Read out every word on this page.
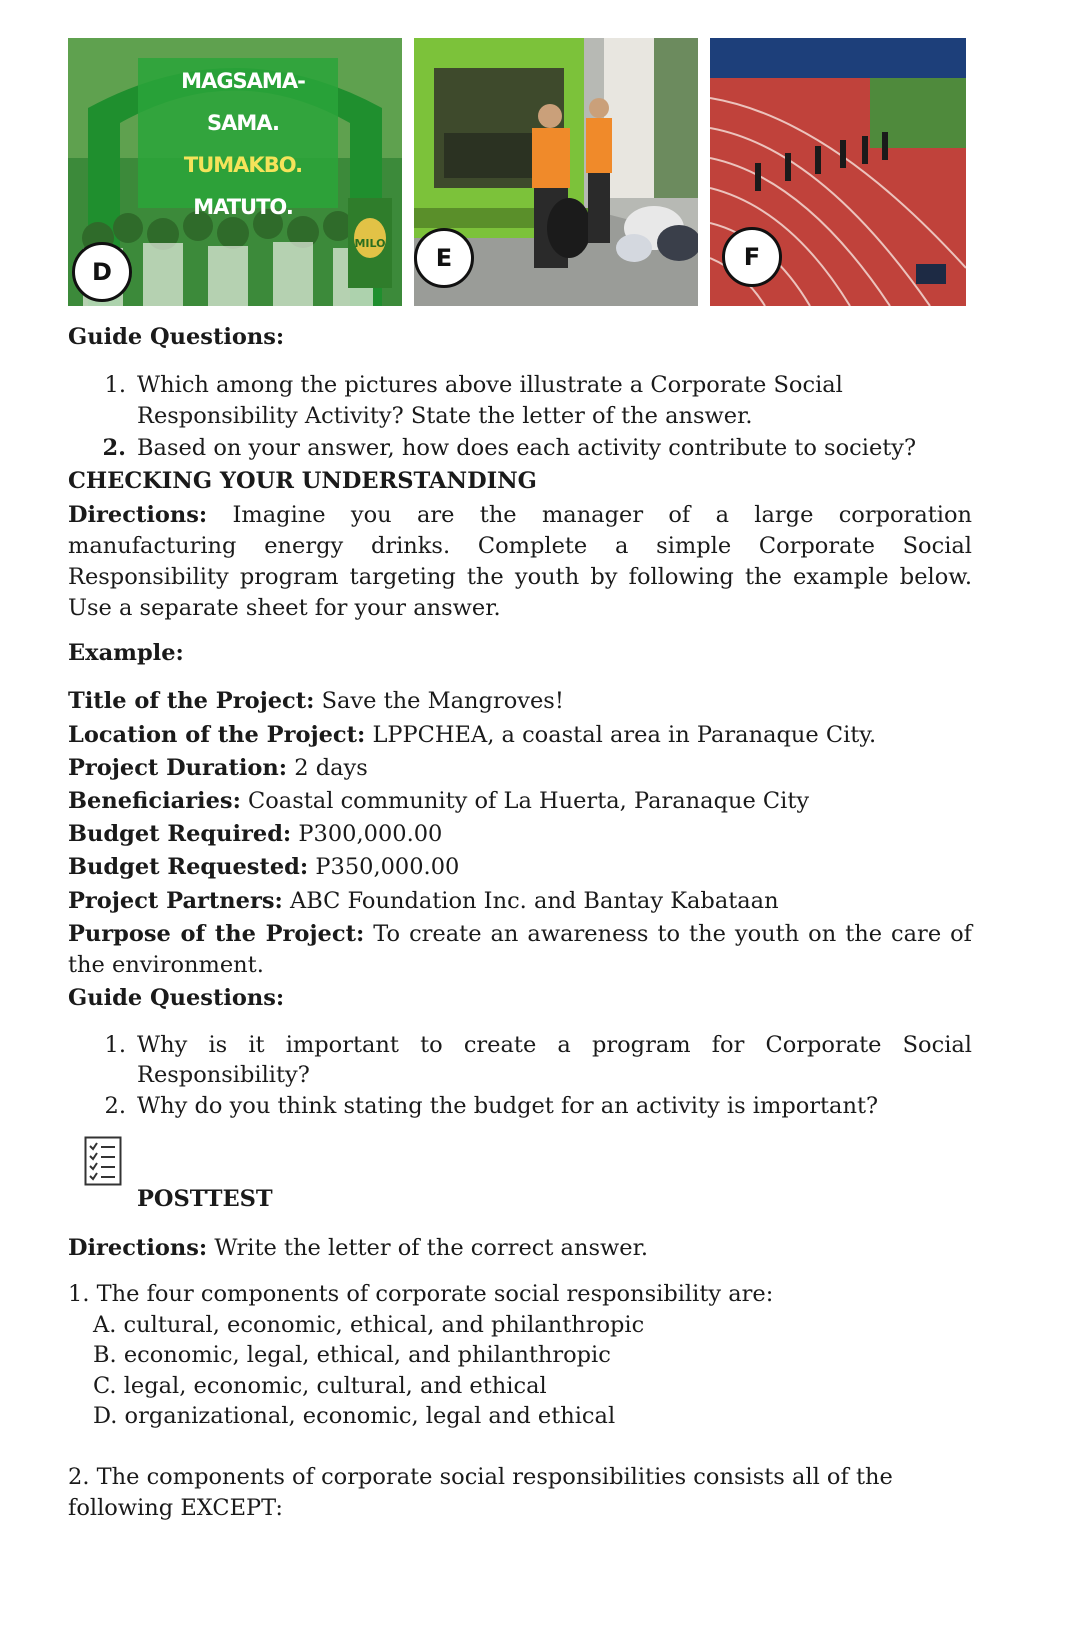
MAGSAMA-SAMA.
TUMAKBO.
MATUTO.
MILO
D	E	F
Guide Questions:
1. Which among the pictures above illustrate a Corporate Social
Responsibility Activity? State the letter of the answer.
2. Based on your answer, how does each activity contribute to society?
CHECKING YOUR UNDERSTANDING
Directions: Imagine you are the manager of a large corporation manufacturing energy drinks. Complete a simple Corporate Social Responsibility program targeting the youth by following the example below. Use a separate sheet for your answer.
Example:
Title of the Project: Save the Mangroves!
Location of the Project: LPPCHEA, a coastal area in Paranaque City.
Project Duration: 2 days
Beneficiaries: Coastal community of La Huerta, Paranaque City
Budget Required: P300,000.00
Budget Requested: P350,000.00
Project Partners: ABC Foundation Inc. and Bantay Kabataan
Purpose of the Project: To create an awareness to the youth on the care of the environment.
Guide Questions:
1. Why is it important to create a program for Corporate Social
Responsibility?
2. Why do you think stating the budget for an activity is important?
POSTTEST
Directions: Write the letter of the correct answer.
1. The four components of corporate social responsibility are:
A. cultural, economic, ethical, and philanthropic
B. economic, legal, ethical, and philanthropic
C. legal, economic, cultural, and ethical
D. organizational, economic, legal and ethical
2. The components of corporate social responsibilities consists all of the
following EXCEPT:
